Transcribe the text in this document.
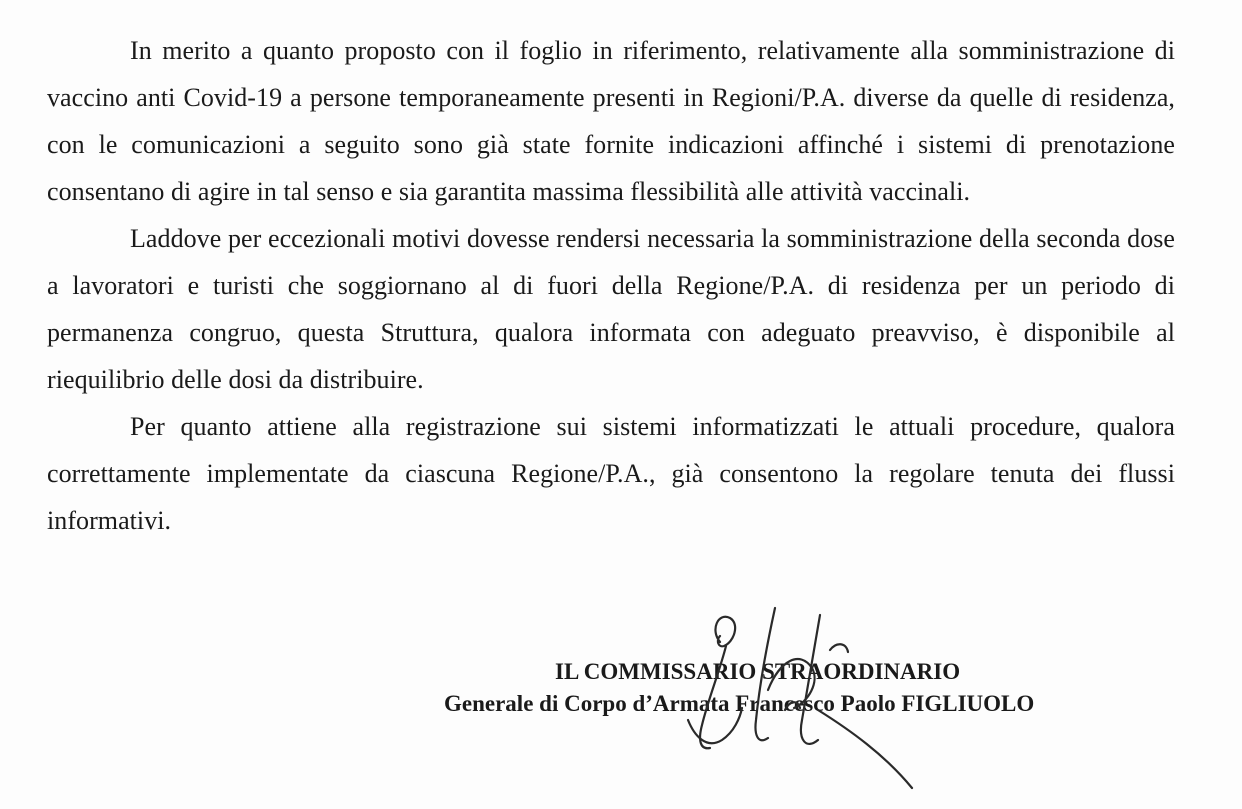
In merito a quanto proposto con il foglio in riferimento, relativamente alla somministrazione di vaccino anti Covid-19 a persone temporaneamente presenti in Regioni/P.A. diverse da quelle di residenza, con le comunicazioni a seguito sono già state fornite indicazioni affinché i sistemi di prenotazione consentano di agire in tal senso e sia garantita massima flessibilità alle attività vaccinali.

Laddove per eccezionali motivi dovesse rendersi necessaria la somministrazione della seconda dose a lavoratori e turisti che soggiornano al di fuori della Regione/P.A. di residenza per un periodo di permanenza congruo, questa Struttura, qualora informata con adeguato preavviso, è disponibile al riequilibrio delle dosi da distribuire.

Per quanto attiene alla registrazione sui sistemi informatizzati le attuali procedure, qualora correttamente implementate da ciascuna Regione/P.A., già consentono la regolare tenuta dei flussi informativi.

IL COMMISSARIO STRAORDINARIO
Generale di Corpo d’Armata Francesco Paolo FIGLIUOLO
